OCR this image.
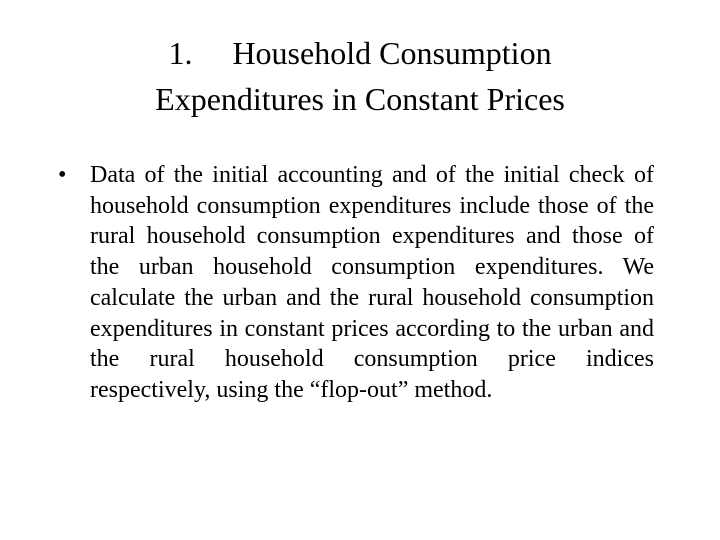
1. Household Consumption
Expenditures in Constant Prices
• Data of the initial accounting and of the initial check of household consumption expenditures include those of the rural household consumption expenditures and those of the urban household consumption expenditures. We calculate the urban and the rural household consumption expenditures in constant prices according to the urban and the rural household consumption price indices respectively, using the “flop-out” method.
